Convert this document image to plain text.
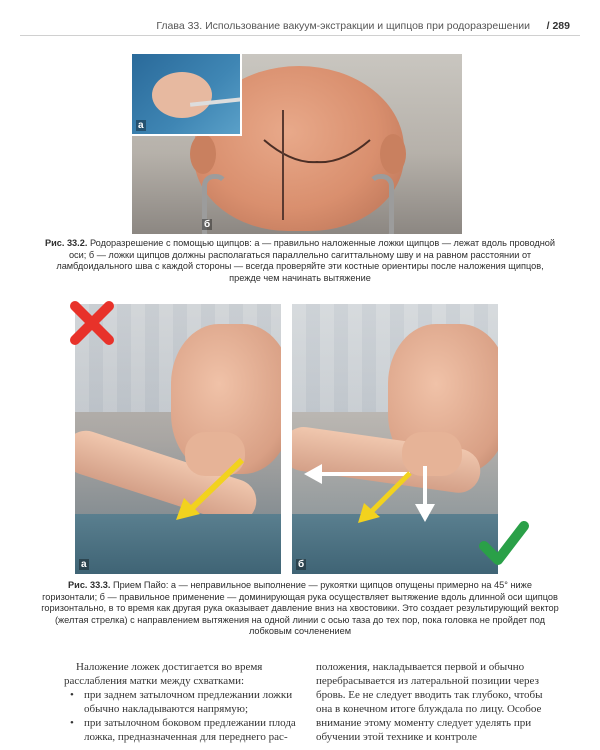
Глава 33. Использование вакуум-экстракции и щипцов при родоразрешении / 289
б
а
Рис. 33.2. Родоразрешение с помощью щипцов: а — правильно наложенные ложки щипцов — лежат вдоль проводной оси; б — ложки щипцов должны располагаться параллельно сагиттальному шву и на равном расстоянии от ламбдоидального шва с каждой стороны — всегда проверяйте эти костные ориентиры после наложения щипцов, прежде чем начинать вытяжение
а	б
Рис. 33.3. Прием Пайо: а — неправильное выполнение — рукоятки щипцов опущены примерно на 45° ниже горизонтали; б — правильное применение — доминирующая рука осуществляет вытяжение вдоль длинной оси щипцов горизонтально, в то время как другая рука оказывает давление вниз на хвостовики. Это создает результирующий вектор (желтая стрелка) с направлением вытяжения на одной линии с осью таза до тех пор, пока головка не пройдет под лобковым сочленением

Наложение ложек достигается во время расслабления матки между схватками:

• при заднем затылочном предлежании ложки обычно накладываются напрямую;

• при затылочном боковом предлежании плода ложка, предназначенная для переднего рас-

положения, накладывается первой и обычно перебрасывается из латеральной позиции через бровь. Ее не следует вводить так глубоко, чтобы она в конечном итоге блуждала по лицу. Особое внимание этому моменту следует уделять при обучении этой технике и контроле
